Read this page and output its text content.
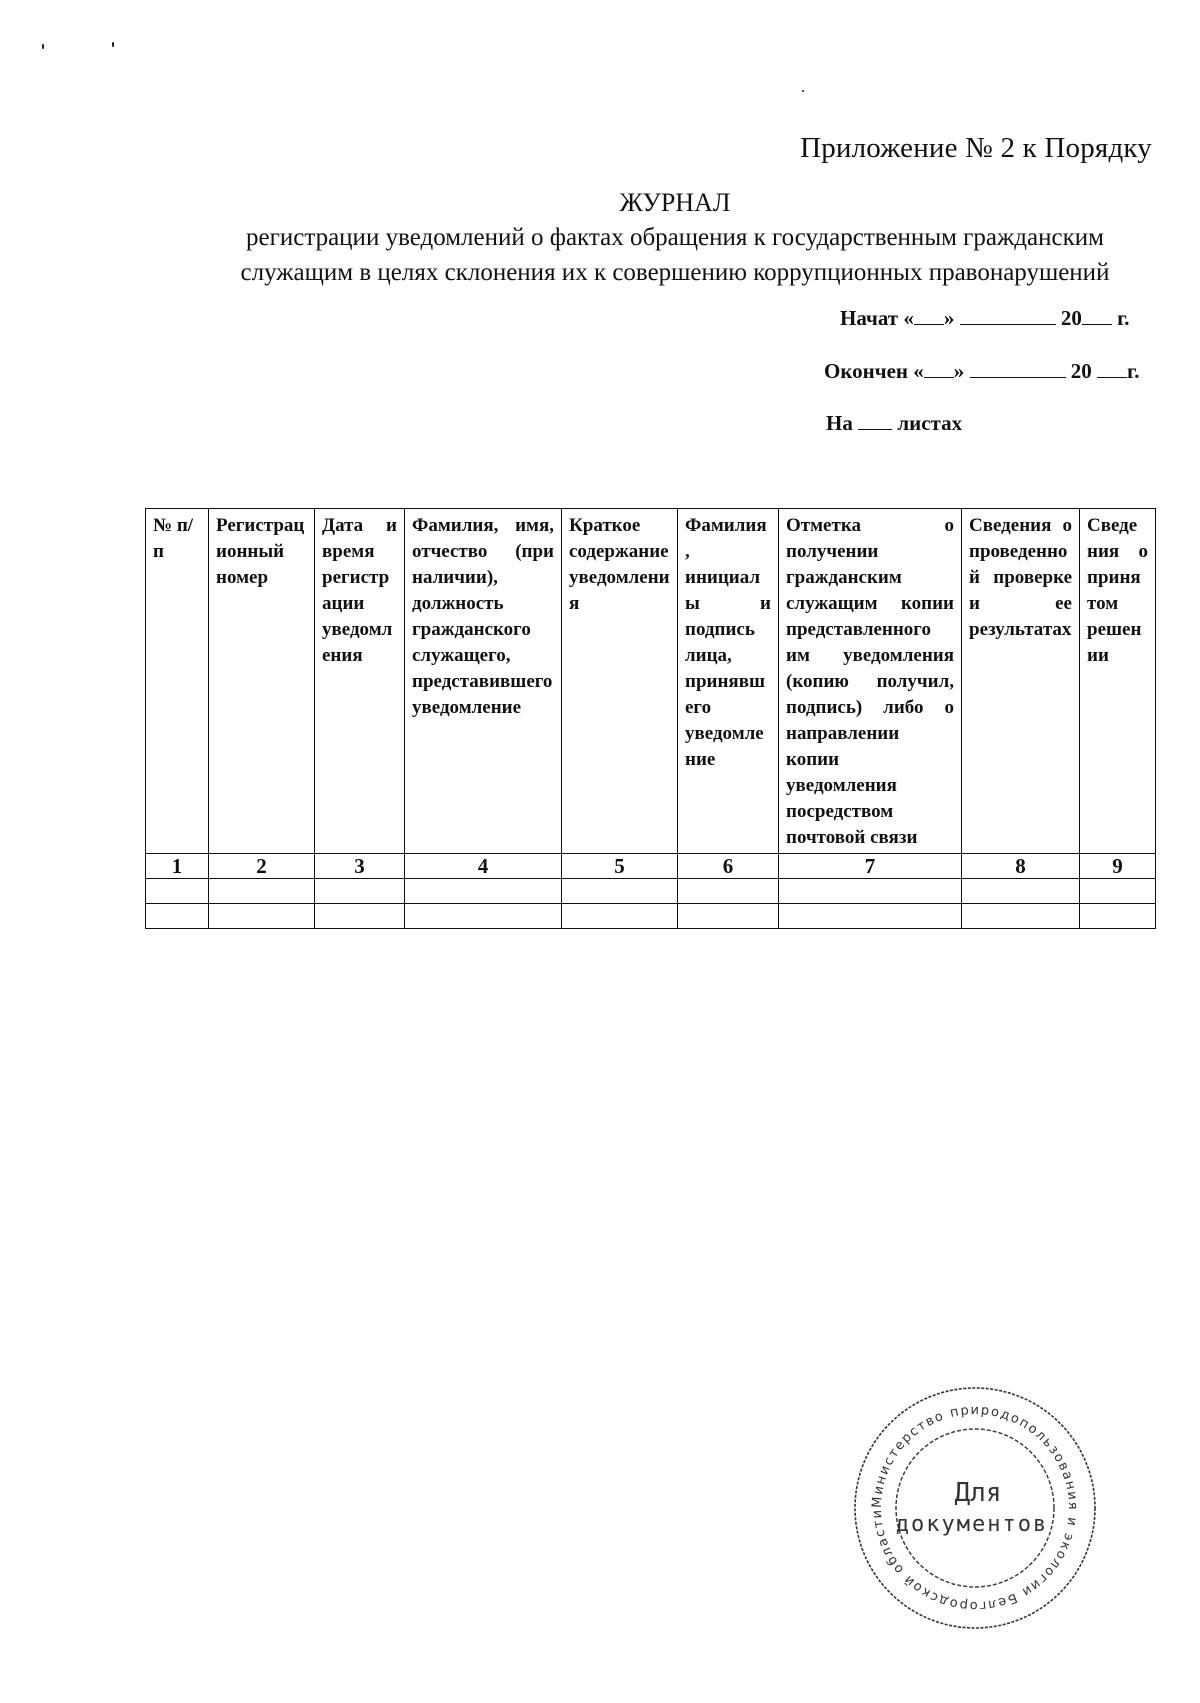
Приложение № 2 к Порядку
ЖУРНАЛ
регистрации уведомлений о фактах обращения к государственным гражданским
служащим в целях склонения их к совершению коррупционных правонарушений
Начат « »	20 г.
Окончен « »	20 г.
На листах
№ п/п	Регистрационный номер	Дата и время регистрации уведомления	Фамилия, имя, отчество (при наличии), должность гражданского служащего, представившего уведомление	Краткое содержание уведомления	Фамилия, инициалы и подпись лица, принявшего уведомление	Отметка о получении гражданским служащим копии представленного им уведомления (копию получил, подпись) либо о направлении копии уведомления посредством почтовой связи	Сведения о проведенной проверке и ее результатах	Сведения о принятом решении
1	2	3	4	5	6	7	8	9

Министерство природопользования и экологии Белгородской области
Для
документов
